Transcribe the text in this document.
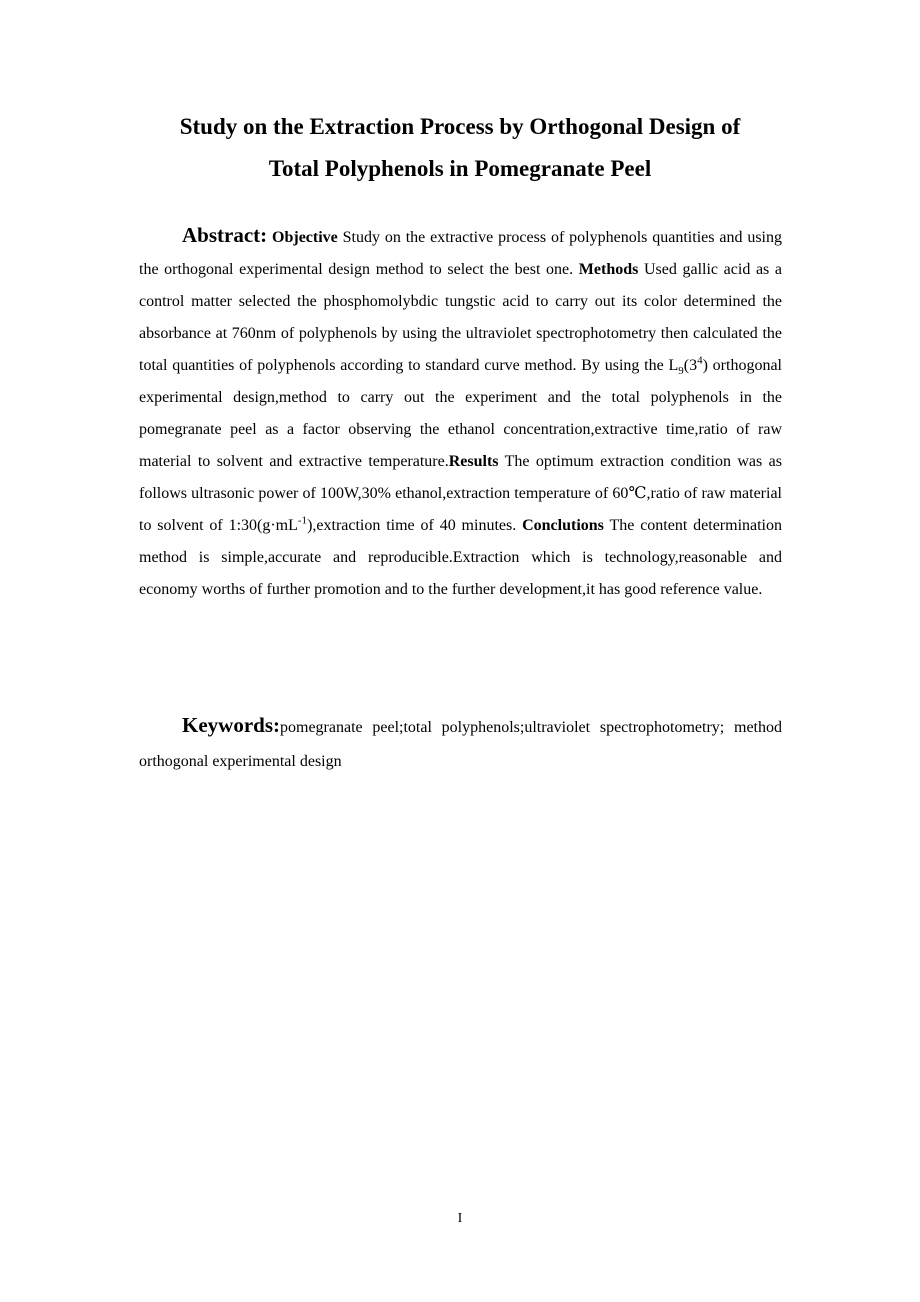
Study on the Extraction Process by Orthogonal Design of
Total Polyphenols in Pomegranate Peel

Abstract: Objective Study on the extractive process of polyphenols quantities and using the orthogonal experimental design method to select the best one. Methods Used gallic acid as a control matter selected the phosphomolybdic tungstic acid to carry out its color determined the absorbance at 760nm of polyphenols by using the ultraviolet spectrophotometry then calculated the total quantities of polyphenols according to standard curve method. By using the $L_9(3^4)$ orthogonal experimental design,method to carry out the experiment and the total polyphenols in the pomegranate peel as a factor observing the ethanol concentration,extractive time,ratio of raw material to solvent and extractive temperature.Results The optimum extraction condition was as follows ultrasonic power of 100W,30% ethanol,extraction temperature of 60℃,ratio of raw material to solvent of $1:30(g\cdot mL^{-1}),extraction$ time of 40 minutes. Conclutions The content determination method is simple,accurate and reproducible.Extraction which is technology,reasonable and economy worths of further promotion and to the further development,it has good reference value.

Keywords:pomegranate peel;total polyphenols;ultraviolet spectrophotometry; method orthogonal experimental design

I
